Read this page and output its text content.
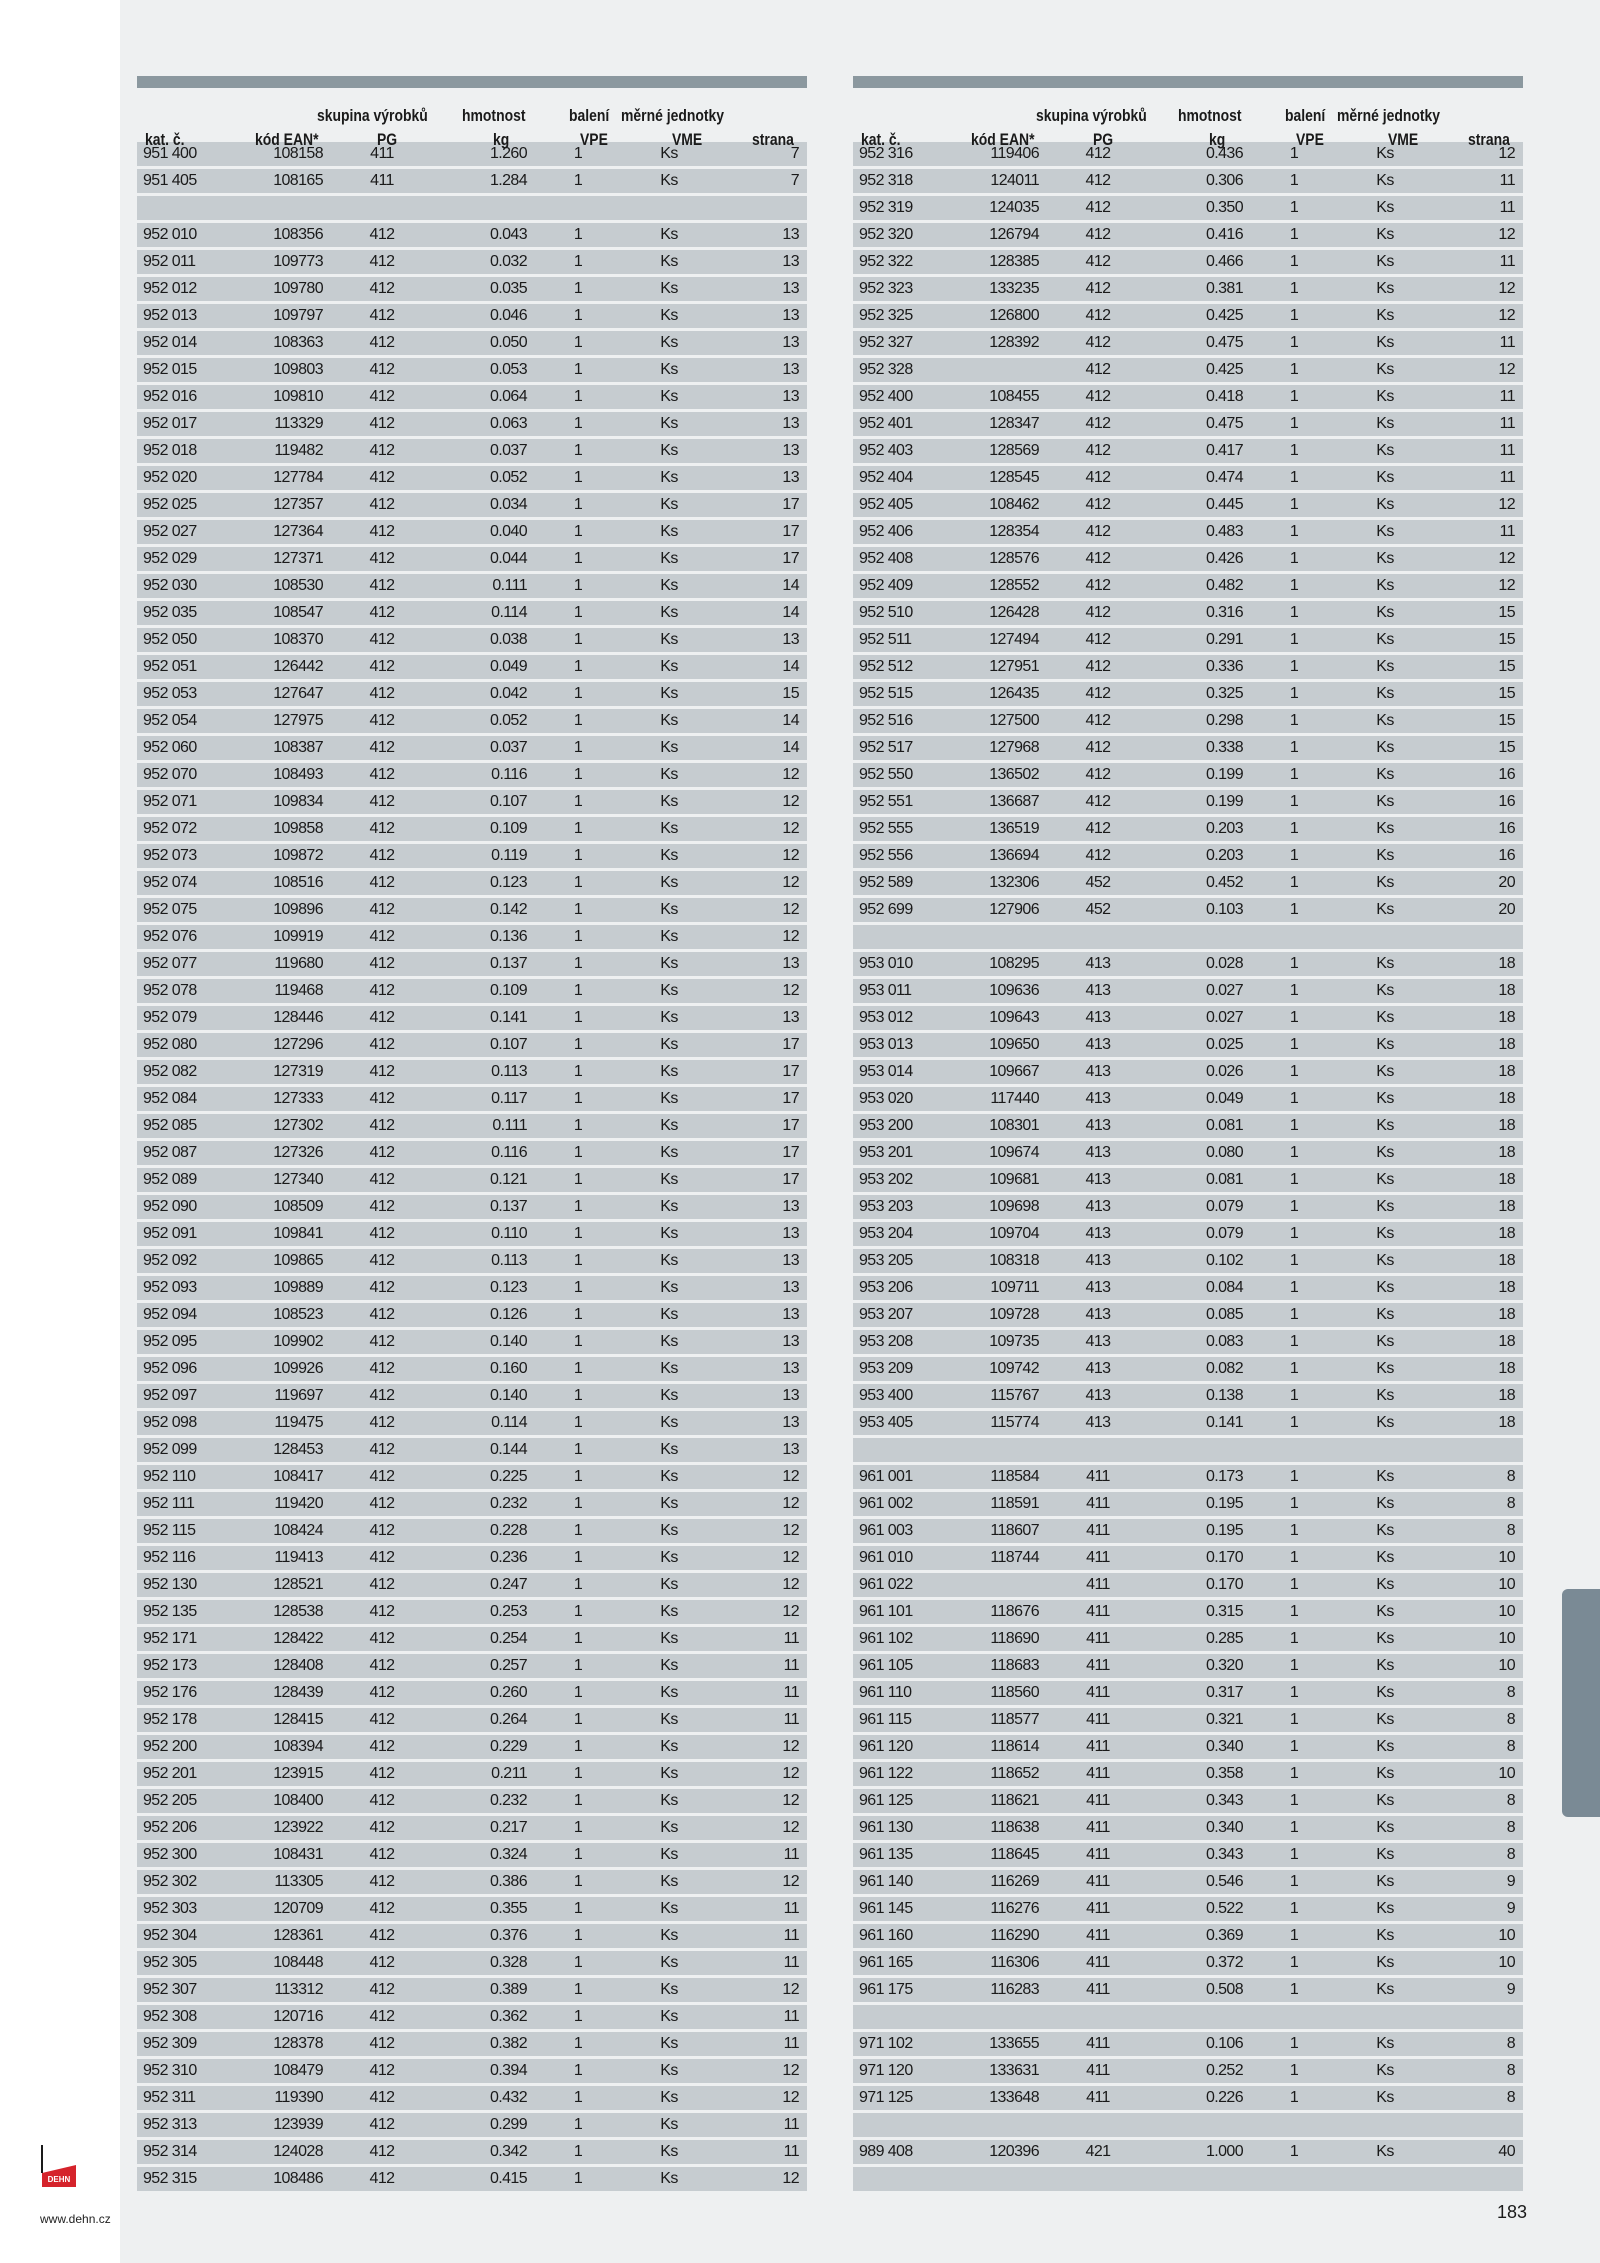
skupina výrobků hmotnost	balení měrné jednotky
kat. č.	kód EAN*	PG	kg	VPE	VME	strana
951 400	108158	411	1.260	1	Ks	7
951 405	108165	411	1.284	1	Ks	7

952 010	108356	412	0.043	1	Ks	13
952 011	109773	412	0.032	1	Ks	13
952 012	109780	412	0.035	1	Ks	13
952 013	109797	412	0.046	1	Ks	13
952 014	108363	412	0.050	1	Ks	13
952 015	109803	412	0.053	1	Ks	13
952 016	109810	412	0.064	1	Ks	13
952 017	113329	412	0.063	1	Ks	13
952 018	119482	412	0.037	1	Ks	13
952 020	127784	412	0.052	1	Ks	13
952 025	127357	412	0.034	1	Ks	17
952 027	127364	412	0.040	1	Ks	17
952 029	127371	412	0.044	1	Ks	17
952 030	108530	412	0.111	1	Ks	14
952 035	108547	412	0.114	1	Ks	14
952 050	108370	412	0.038	1	Ks	13
952 051	126442	412	0.049	1	Ks	14
952 053	127647	412	0.042	1	Ks	15
952 054	127975	412	0.052	1	Ks	14
952 060	108387	412	0.037	1	Ks	14
952 070	108493	412	0.116	1	Ks	12
952 071	109834	412	0.107	1	Ks	12
952 072	109858	412	0.109	1	Ks	12
952 073	109872	412	0.119	1	Ks	12
952 074	108516	412	0.123	1	Ks	12
952 075	109896	412	0.142	1	Ks	12
952 076	109919	412	0.136	1	Ks	12
952 077	119680	412	0.137	1	Ks	13
952 078	119468	412	0.109	1	Ks	12
952 079	128446	412	0.141	1	Ks	13
952 080	127296	412	0.107	1	Ks	17
952 082	127319	412	0.113	1	Ks	17
952 084	127333	412	0.117	1	Ks	17
952 085	127302	412	0.111	1	Ks	17
952 087	127326	412	0.116	1	Ks	17
952 089	127340	412	0.121	1	Ks	17
952 090	108509	412	0.137	1	Ks	13
952 091	109841	412	0.110	1	Ks	13
952 092	109865	412	0.113	1	Ks	13
952 093	109889	412	0.123	1	Ks	13
952 094	108523	412	0.126	1	Ks	13
952 095	109902	412	0.140	1	Ks	13
952 096	109926	412	0.160	1	Ks	13
952 097	119697	412	0.140	1	Ks	13
952 098	119475	412	0.114	1	Ks	13
952 099	128453	412	0.144	1	Ks	13
952 110	108417	412	0.225	1	Ks	12
952 111	119420	412	0.232	1	Ks	12
952 115	108424	412	0.228	1	Ks	12
952 116	119413	412	0.236	1	Ks	12
952 130	128521	412	0.247	1	Ks	12
952 135	128538	412	0.253	1	Ks	12
952 171	128422	412	0.254	1	Ks	11
952 173	128408	412	0.257	1	Ks	11
952 176	128439	412	0.260	1	Ks	11
952 178	128415	412	0.264	1	Ks	11
952 200	108394	412	0.229	1	Ks	12
952 201	123915	412	0.211	1	Ks	12
952 205	108400	412	0.232	1	Ks	12
952 206	123922	412	0.217	1	Ks	12
952 300	108431	412	0.324	1	Ks	11
952 302	113305	412	0.386	1	Ks	12
952 303	120709	412	0.355	1	Ks	11
952 304	128361	412	0.376	1	Ks	11
952 305	108448	412	0.328	1	Ks	11
952 307	113312	412	0.389	1	Ks	12
952 308	120716	412	0.362	1	Ks	11
952 309	128378	412	0.382	1	Ks	11
952 310	108479	412	0.394	1	Ks	12
952 311	119390	412	0.432	1	Ks	12
952 313	123939	412	0.299	1	Ks	11
952 314	124028	412	0.342	1	Ks	11
952 315	108486	412	0.415	1	Ks	12
skupina výrobků hmotnost	balení měrné jednotky
kat. č.	kód EAN*	PG	kg	VPE	VME	strana
952 316	119406	412	0.436	1	Ks	12
952 318	124011	412	0.306	1	Ks	11
952 319	124035	412	0.350	1	Ks	11
952 320	126794	412	0.416	1	Ks	12
952 322	128385	412	0.466	1	Ks	11
952 323	133235	412	0.381	1	Ks	12
952 325	126800	412	0.425	1	Ks	12
952 327	128392	412	0.475	1	Ks	11
952 328		412	0.425	1	Ks	12
952 400	108455	412	0.418	1	Ks	11
952 401	128347	412	0.475	1	Ks	11
952 403	128569	412	0.417	1	Ks	11
952 404	128545	412	0.474	1	Ks	11
952 405	108462	412	0.445	1	Ks	12
952 406	128354	412	0.483	1	Ks	11
952 408	128576	412	0.426	1	Ks	12
952 409	128552	412	0.482	1	Ks	12
952 510	126428	412	0.316	1	Ks	15
952 511	127494	412	0.291	1	Ks	15
952 512	127951	412	0.336	1	Ks	15
952 515	126435	412	0.325	1	Ks	15
952 516	127500	412	0.298	1	Ks	15
952 517	127968	412	0.338	1	Ks	15
952 550	136502	412	0.199	1	Ks	16
952 551	136687	412	0.199	1	Ks	16
952 555	136519	412	0.203	1	Ks	16
952 556	136694	412	0.203	1	Ks	16
952 589	132306	452	0.452	1	Ks	20
952 699	127906	452	0.103	1	Ks	20

953 010	108295	413	0.028	1	Ks	18
953 011	109636	413	0.027	1	Ks	18
953 012	109643	413	0.027	1	Ks	18
953 013	109650	413	0.025	1	Ks	18
953 014	109667	413	0.026	1	Ks	18
953 020	117440	413	0.049	1	Ks	18
953 200	108301	413	0.081	1	Ks	18
953 201	109674	413	0.080	1	Ks	18
953 202	109681	413	0.081	1	Ks	18
953 203	109698	413	0.079	1	Ks	18
953 204	109704	413	0.079	1	Ks	18
953 205	108318	413	0.102	1	Ks	18
953 206	109711	413	0.084	1	Ks	18
953 207	109728	413	0.085	1	Ks	18
953 208	109735	413	0.083	1	Ks	18
953 209	109742	413	0.082	1	Ks	18
953 400	115767	413	0.138	1	Ks	18
953 405	115774	413	0.141	1	Ks	18

961 001	118584	411	0.173	1	Ks	8
961 002	118591	411	0.195	1	Ks	8
961 003	118607	411	0.195	1	Ks	8
961 010	118744	411	0.170	1	Ks	10
961 022		411	0.170	1	Ks	10
961 101	118676	411	0.315	1	Ks	10
961 102	118690	411	0.285	1	Ks	10
961 105	118683	411	0.320	1	Ks	10
961 110	118560	411	0.317	1	Ks	8
961 115	118577	411	0.321	1	Ks	8
961 120	118614	411	0.340	1	Ks	8
961 122	118652	411	0.358	1	Ks	10
961 125	118621	411	0.343	1	Ks	8
961 130	118638	411	0.340	1	Ks	8
961 135	118645	411	0.343	1	Ks	8
961 140	116269	411	0.546	1	Ks	9
961 145	116276	411	0.522	1	Ks	9
961 160	116290	411	0.369	1	Ks	10
961 165	116306	411	0.372	1	Ks	10
961 175	116283	411	0.508	1	Ks	9

971 102	133655	411	0.106	1	Ks	8
971 120	133631	411	0.252	1	Ks	8
971 125	133648	411	0.226	1	Ks	8

989 408	120396	421	1.000	1	Ks	40

DEHN
www.dehn.cz	183
